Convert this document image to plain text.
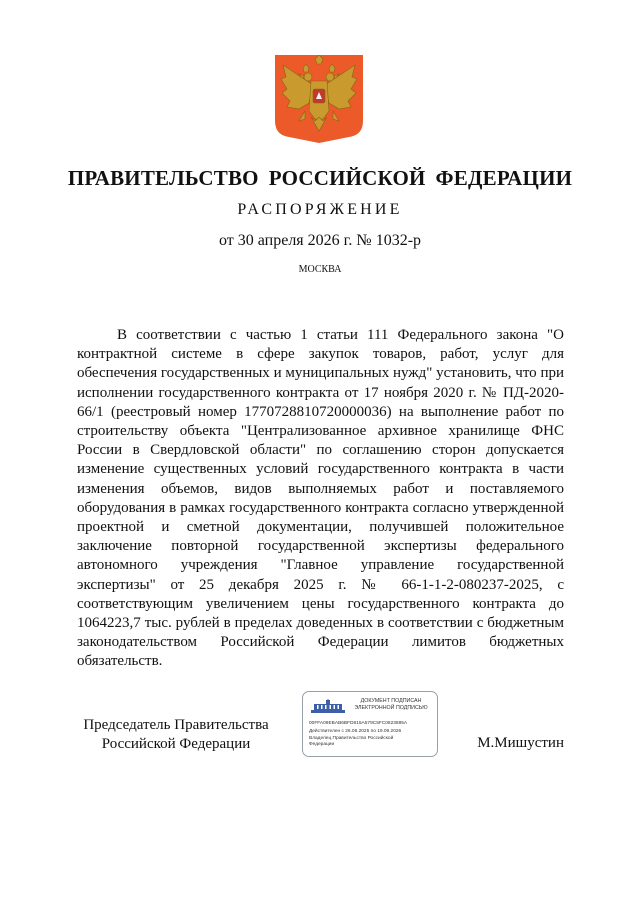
ПРАВИТЕЛЬСТВО РОССИЙСКОЙ ФЕДЕРАЦИИ
РАСПОРЯЖЕНИЕ
от 30 апреля 2026 г. № 1032-р
МОСКВА

В соответствии с частью 1 статьи 111 Федерального закона "О контрактной системе в сфере закупок товаров, работ, услуг для обеспечения государственных и муниципальных нужд" установить, что при исполнении государственного контракта от 17 ноября 2020 г. № ПД-2020-66/1 (реестровый номер 1770728810720000036) на выполнение работ по строительству объекта "Централизованное архивное хранилище ФНС России в Свердловской области" по соглашению сторон допускается изменение существенных условий государственного контракта в части изменения объемов, видов выполняемых работ и поставляемого оборудования в рамках государственного контракта согласно утвержденной проектной и сметной документации, получившей положительное заключение повторной государственной экспертизы федерального автономного учреждения "Главное управление государственной экспертизы" от 25 декабря 2025 г. № 66-1-1-2-080237-2025, с соответствующим увеличением цены государственного контракта до 1064223,7 тыс. рублей в пределах доведенных в соответствии с бюджетным законодательством Российской Федерации лимитов бюджетных обязательств.

Председатель Правительства
Российской Федерации
ДОКУМЕНТ ПОДПИСАН
ЭЛЕКТРОННОЙ ПОДПИСЬЮ
00FFA09EBAB6BFD815A579C5FC0823885A
Действителен с 26.06.2025 по 19.09.2026
Владелец Правительство Российской
Федерации	М.Мишустин
